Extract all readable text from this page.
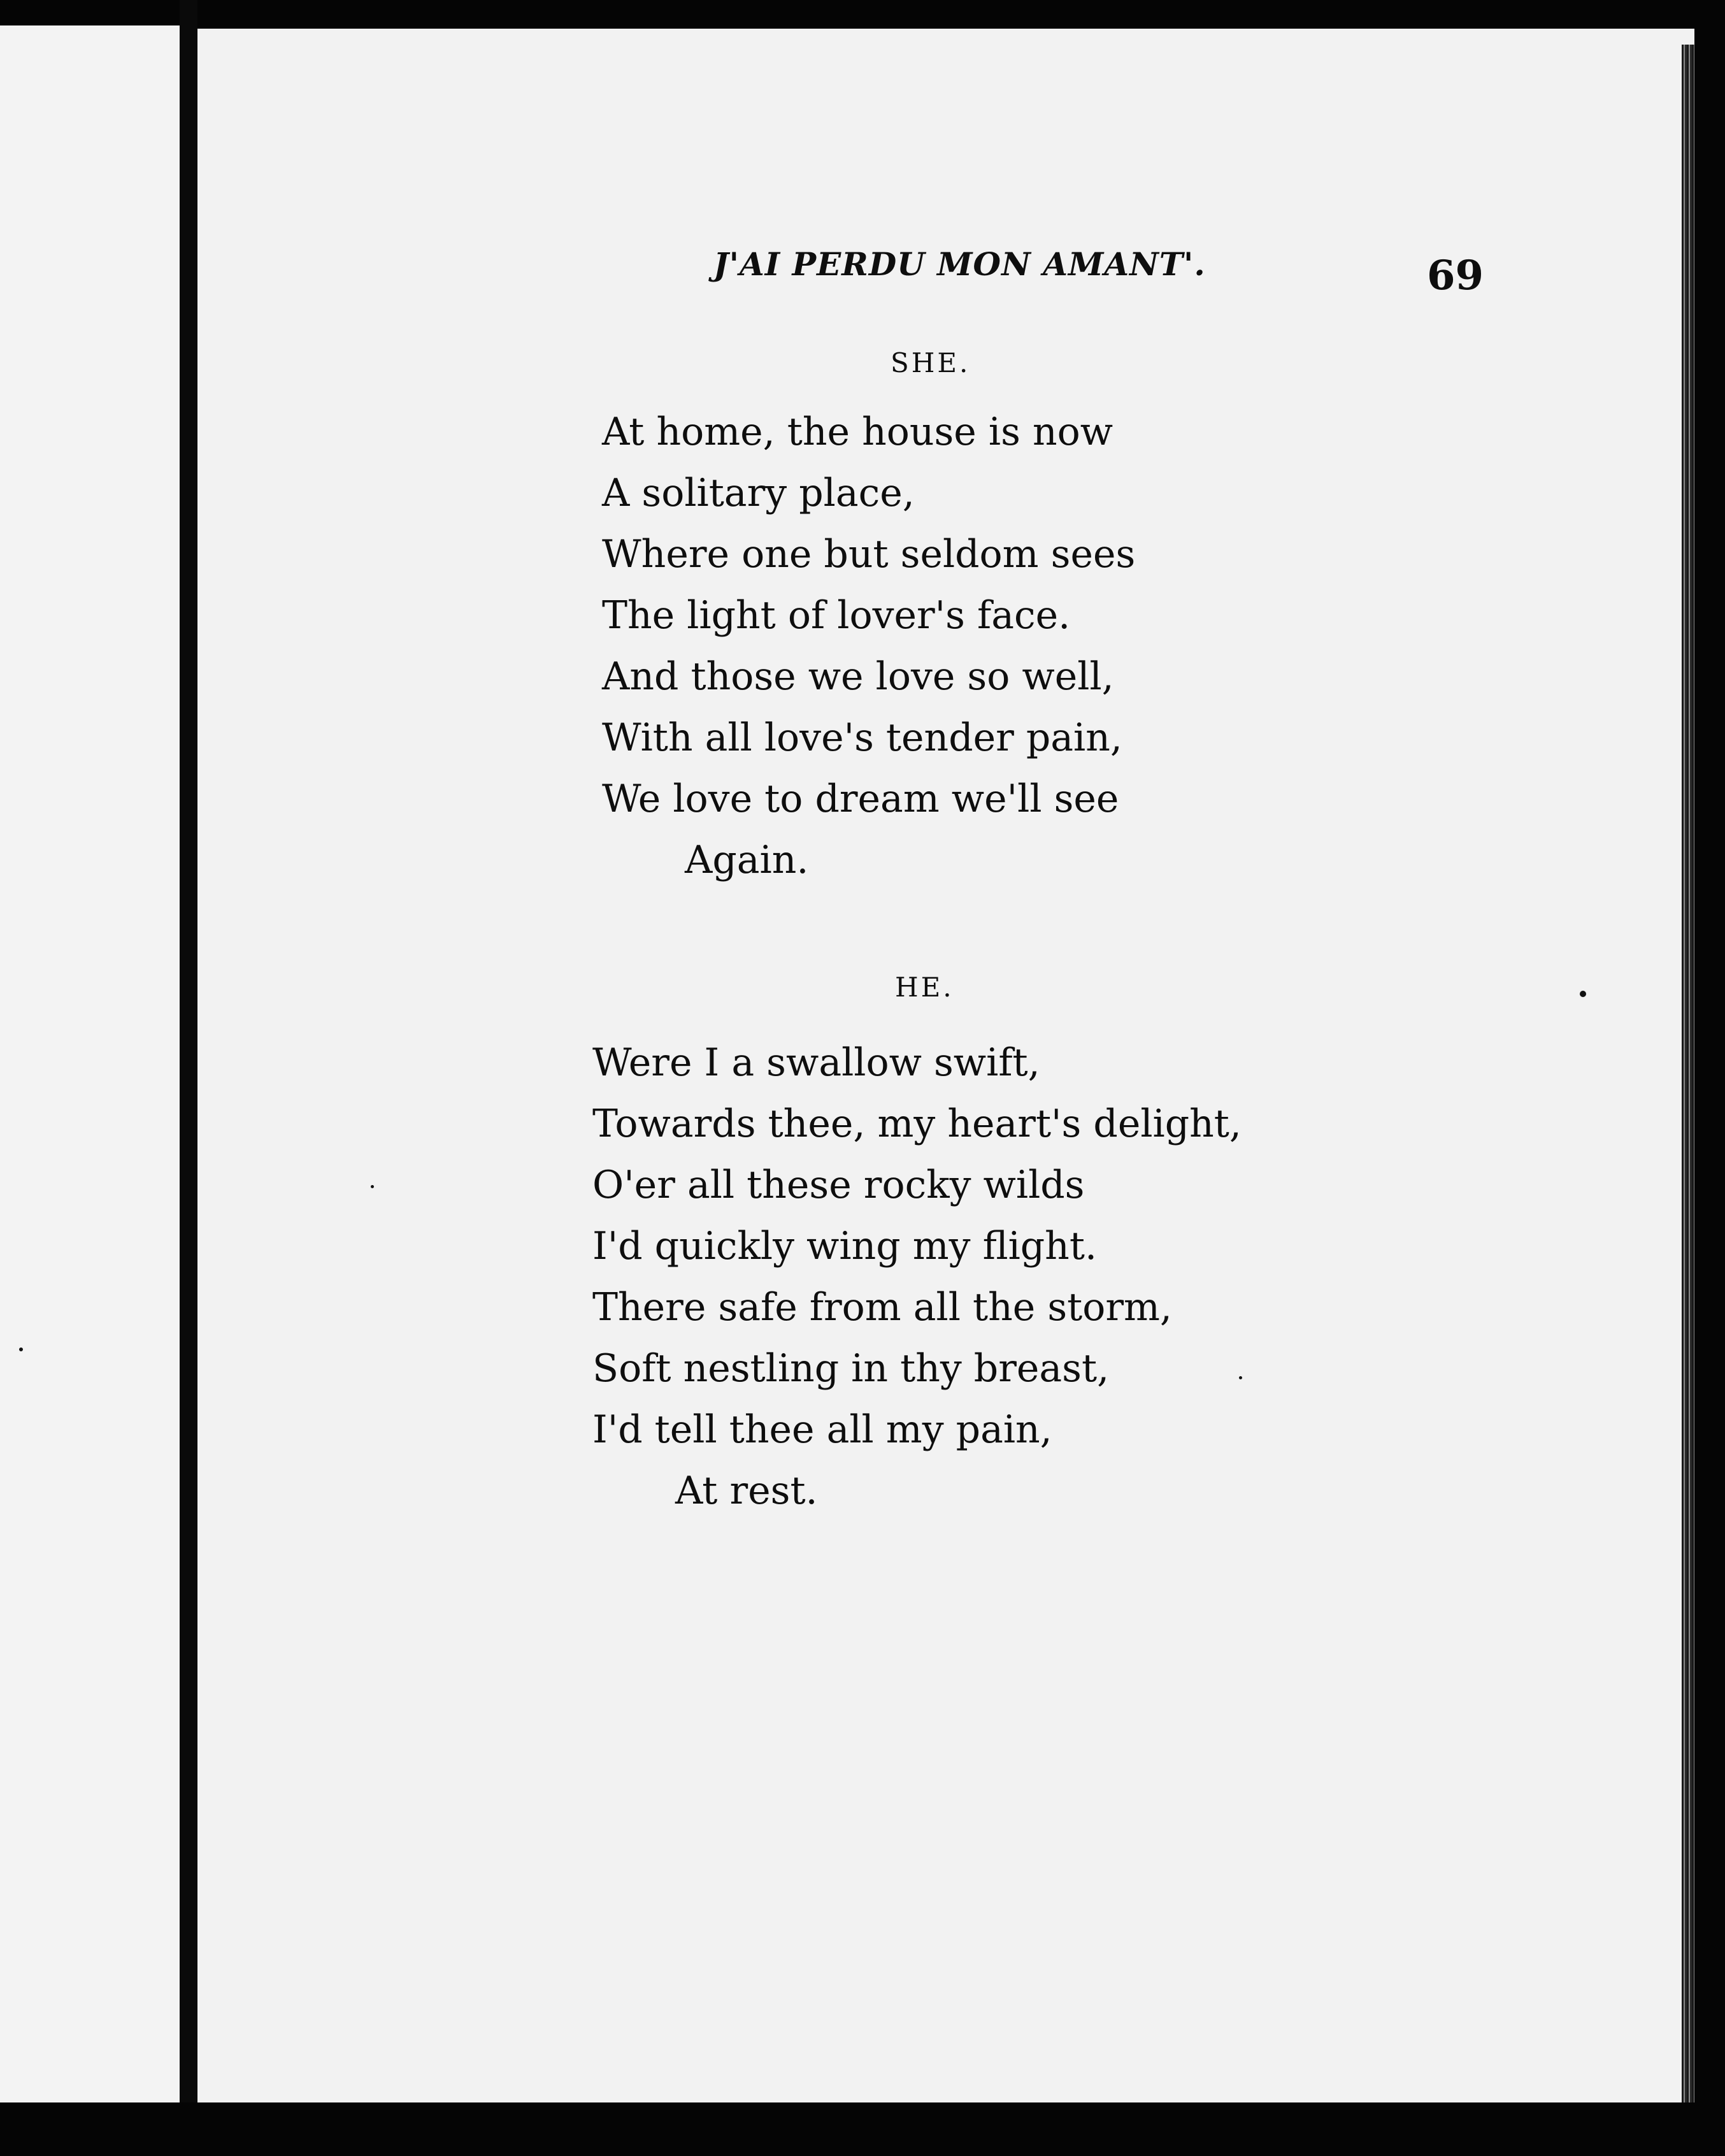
J'AI PERDU MON AMANT'.	69
SHE.
At home, the house is now
A solitary place,
Where one but seldom sees
The light of lover's face.
And those we love so well,
With all love's tender pain,
We love to dream we'll see
Again.
HE.
Were I a swallow swift,
Towards thee, my heart's delight,
O'er all these rocky wilds
I'd quickly wing my flight.
There safe from all the storm,
Soft nestling in thy breast,
I'd tell thee all my pain,
At rest.
